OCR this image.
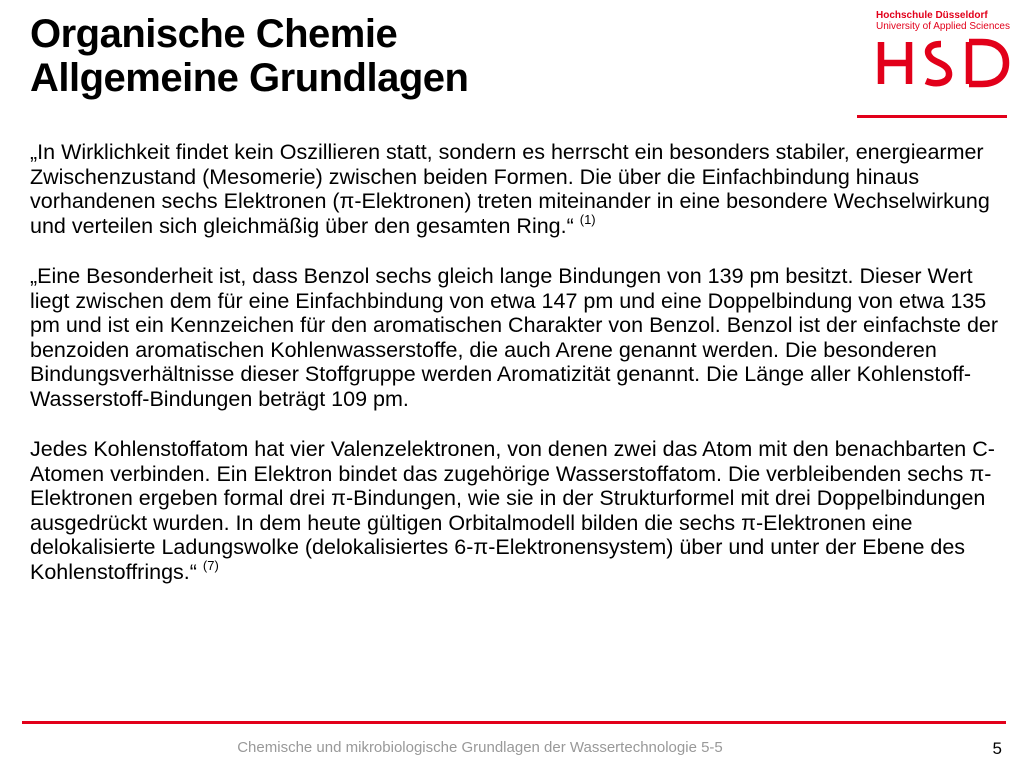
Organische Chemie
Allgemeine Grundlagen
Hochschule Düsseldorf
University of Applied Sciences

„In Wirklichkeit findet kein Oszillieren statt, sondern es herrscht ein besonders stabiler, energiearmer Zwischenzustand (Mesomerie) zwischen beiden Formen. Die über die Einfachbindung hinaus vorhandenen sechs Elektronen (π-Elektronen) treten miteinander in eine besondere Wechselwirkung und verteilen sich gleichmäßig über den gesamten Ring.“ $^{(1)}$

„Eine Besonderheit ist, dass Benzol sechs gleich lange Bindungen von 139 pm besitzt. Dieser Wert liegt zwischen dem für eine Einfachbindung von etwa 147 pm und eine Doppelbindung von etwa 135 pm und ist ein Kennzeichen für den aromatischen Charakter von Benzol. Benzol ist der einfachste der benzoiden aromatischen Kohlenwasserstoffe, die auch Arene genannt werden. Die besonderen Bindungsverhältnisse dieser Stoffgruppe werden Aromatizität genannt. Die Länge aller Kohlenstoff-Wasserstoff-Bindungen beträgt 109 pm.

Jedes Kohlenstoffatom hat vier Valenzelektronen, von denen zwei das Atom mit den benachbarten C-Atomen verbinden. Ein Elektron bindet das zugehörige Wasserstoffatom. Die verbleibenden sechs π-Elektronen ergeben formal drei π-Bindungen, wie sie in der Strukturformel mit drei Doppelbindungen ausgedrückt wurden. In dem heute gültigen Orbitalmodell bilden die sechs π-Elektronen eine delokalisierte Ladungswolke (delokalisiertes 6-π-Elektronensystem) über und unter der Ebene des Kohlenstoffrings.“ $^{(7)}$

Chemische und mikrobiologische Grundlagen der Wassertechnologie 5-5	5
